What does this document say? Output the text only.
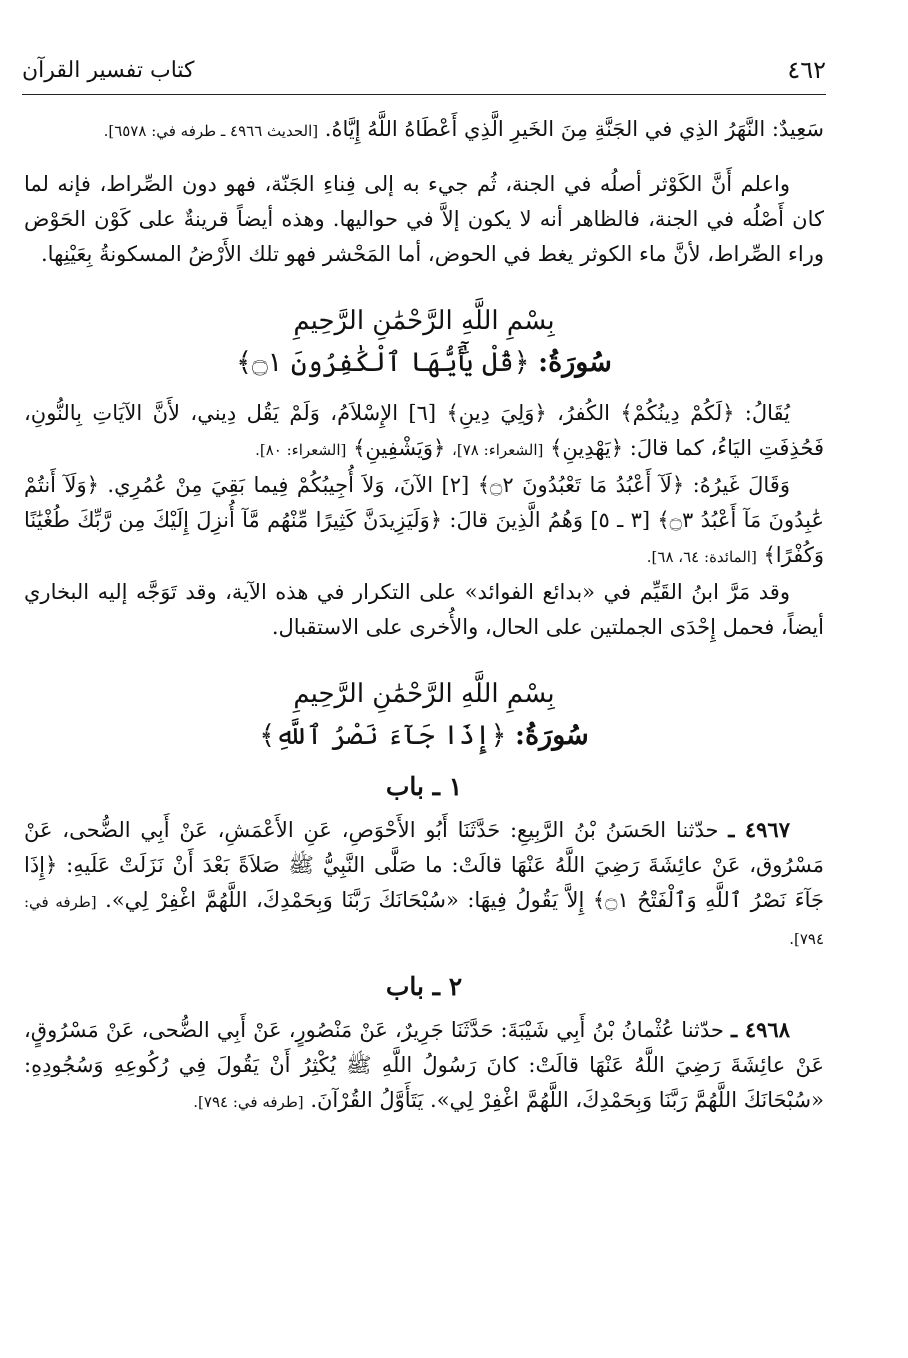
كتاب تفسير القرآن	٤٦٢

سَعِيدٌ: النَّهَرُ الذِي في الجَنَّةِ مِنَ الخَيرِ الَّذِي أَعْطَاهُ اللَّهُ إِيَّاهُ. [الحديث ٤٩٦٦ ـ طرفه في: ٦٥٧٨].

واعلم أَنَّ الكَوْثر أصلُه في الجنة، ثُم جيء به إلى فِناءِ الجَنّة، فهو دون الصِّراط، فإنه لما كان أَصْلُه في الجنة، فالظاهر أنه لا يكون إلاَّ في حواليها. وهذه أيضاً قرينةٌ على كَوْن الحَوْض وراء الصِّراط، لأنَّ ماء الكوثر يغط في الحوض، أما المَحْشر فهو تلك الأَرْضُ المسكونةُ بِعَيْنِها.

بِسْمِ اللَّهِ الرَّحْمَٰنِ الرَّحِيمِ
سُورَةُ: ﴿قُلْ يَٰٓأَيُّهَا ٱلْكَٰفِرُونَ ۝١﴾

يُقَالُ: ﴿لَكُمْ دِينُكُمْ﴾ الكُفرُ، ﴿وَلِيَ دِينِ﴾ [٦] الإِسْلاَمُ، وَلَمْ يَقُل دِيني، لأَنَّ الآيَاتِ بِالنُّونِ، فَحُذِفَتِ اليَاءُ، كما قالَ: ﴿يَهْدِينِ﴾ [الشعراء: ٧٨]، ﴿وَيَشْفِينِ﴾ [الشعراء: ٨٠].

وَقَالَ غَيرُهُ: ﴿لَآ أَعْبُدُ مَا تَعْبُدُونَ ۝٢﴾ [٢] الآنَ، وَلاَ أُجِيبُكُمْ فِيما بَقِيَ مِنْ عُمُرِي. ﴿وَلَآ أَنتُمْ عَٰبِدُونَ مَآ أَعْبُدُ ۝٣﴾ [٣ ـ ٥] وَهُمُ الَّذِينَ قالَ: ﴿وَلَيَزِيدَنَّ كَثِيرًا مِّنْهُم مَّآ أُنزِلَ إِلَيْكَ مِن رَّبِّكَ طُغْيَٰنًا وَكُفْرًا﴾ [المائدة: ٦٤، ٦٨].

وقد مَرَّ ابنُ القَيِّم في «بدائع الفوائد» على التكرار في هذه الآية، وقد تَوَجَّه إليه البخاري أيضاً، فحمل إِحْدَى الجملتين على الحال، والأُخرى على الاستقبال.

بِسْمِ اللَّهِ الرَّحْمَٰنِ الرَّحِيمِ
سُورَةُ: ﴿إِذَا جَآءَ نَصْرُ ٱللَّهِ﴾
١ ـ باب

٤٩٦٧ ـ حدّثنا الحَسَنُ بْنُ الرَّبِيعِ: حَدَّثَنَا أَبُو الأَحْوَصِ، عَنِ الأَعْمَشِ، عَنْ أَبِي الضُّحى، عَنْ مَسْرُوق، عَنْ عائِشَةَ رَضِيَ اللَّهُ عَنْهَا قالَتْ: ما صَلَّى النَّبِيُّ ﷺ صَلاَةً بَعْدَ أَنْ نَزَلَتْ عَلَيهِ: ﴿إِذَا جَآءَ نَصْرُ ٱللَّهِ وَٱلْفَتْحُ ۝١﴾ إِلاَّ يَقُولُ فِيهَا: «سُبْحَانَكَ رَبَّنَا وَبِحَمْدِكَ، اللَّهُمَّ اغْفِرْ لِي». [طرفه في: ٧٩٤].

٢ ـ باب

٤٩٦٨ ـ حدّثنا عُثْمانُ بْنُ أَبِي شَيْبَةَ: حَدَّثَنَا جَرِيرٌ، عَنْ مَنْصُورٍ، عَنْ أَبِي الضُّحى، عَنْ مَسْرُوقٍ، عَنْ عائِشَةَ رَضِيَ اللَّهُ عَنْهَا قالَتْ: كانَ رَسُولُ اللَّهِ ﷺ يُكْثِرُ أَنْ يَقُولَ فِي رُكُوعِهِ وَسُجُودِهِ: «سُبْحَانَكَ اللَّهُمَّ رَبَّنَا وَبِحَمْدِكَ، اللَّهُمَّ اغْفِرْ لِي». يَتَأَوَّلُ القُرْآنَ. [طرفه في: ٧٩٤].
